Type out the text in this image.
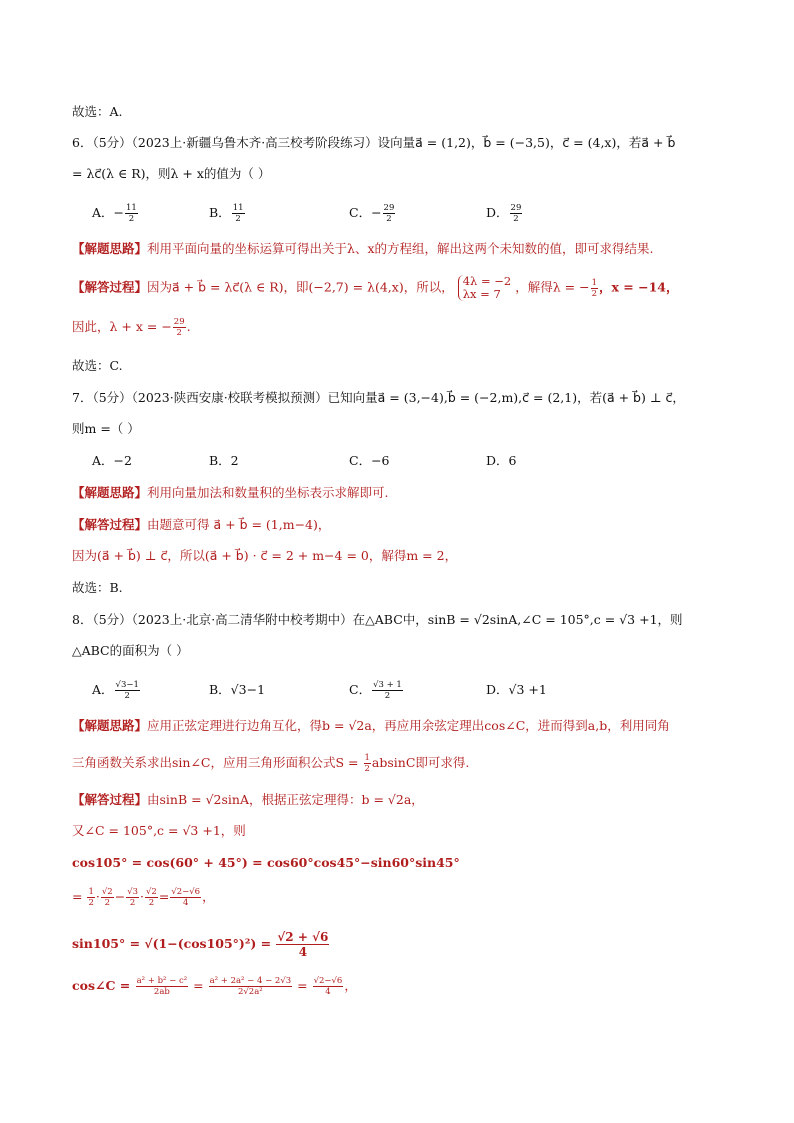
故选：A.
6．（5分）（2023上·新疆乌鲁木齐·高三校考阶段练习）设向量a⃗ = (1,2)，b⃗ = (−3,5)，c⃗ = (4,x)，若a⃗ + b⃗
= λc⃗(λ ∈ R)，则λ + x的值为（ ）
A．− $\frac{11}{2}$	B． $\frac{11}{2}$	C．− $\frac{29}{2}$	D． $\frac{29}{2}$
【解题思路】利用平面向量的坐标运算可得出关于λ、x的方程组，解出这两个未知数的值，即可求得结果.
【解答过程】因为a⃗ + b⃗ = λc⃗(λ ∈ R)，即(−2,7) = λ(4,x)，所以， 4λ = −2
λx = 7	，解得λ = − $\frac{1}{2}$ ，x = −14，
因此，λ + x = − $\frac{29}{2}$ .
故选：C.
7．（5分）（2023·陕西安康·校联考模拟预测）已知向量a⃗ = (3,−4),b⃗ = (−2,m),c⃗ = (2,1)，若(a⃗ + b⃗) ⊥ c⃗，
则m =（ ）
A．−2	B．2	C．−6	D．6
【解题思路】利用向量加法和数量积的坐标表示求解即可.
【解答过程】由题意可得 a⃗ + b⃗ = (1,m−4)，
因为(a⃗ + b⃗) ⊥ c⃗，所以(a⃗ + b⃗) · c⃗ = 2 + m−4 = 0，解得m = 2，
故选：B.
8．（5分）（2023上·北京·高二清华附中校考期中）在△ABC中，sinB = √2sinA,∠C = 105°,c = √3 +1，则
△ABC的面积为（ ）
A． $\frac{√3-1}{2}$	B．√3−1	C． $\frac{√3 + 1}{2}$	D．√3 +1
【解题思路】应用正弦定理进行边角互化，得b = √2a，再应用余弦定理出cos∠C，进而得到a,b，利用同角
三角函数关系求出sin∠C，应用三角形面积公式$S = \frac{1}{2}$ absinC即可求得.
【解答过程】由sinB = √2sinA，根据正弦定理得：b = √2a，
又∠C = 105°,c = √3 +1，则
cos105° = cos(60° + 45°) = cos60°cos45°−sin60°sin45°
= $\frac{1}{2} \cdot \frac{√2}{2} - \frac{√3}{2} \cdot \frac{√2}{2} = \frac{√2-√6}{4}$ ，
$\sin 105^\circ = √(1-(\cos 105^\circ)^2) = \frac{√2 + √6}{4}$
cos∠C = $\frac{\text{a² + b² − c²}}{2ab} = \frac{\text{a² + 2a² − 4 − 2√3}}{\text{2√2a²}} = \frac{√2-√6}{4}$ ，
